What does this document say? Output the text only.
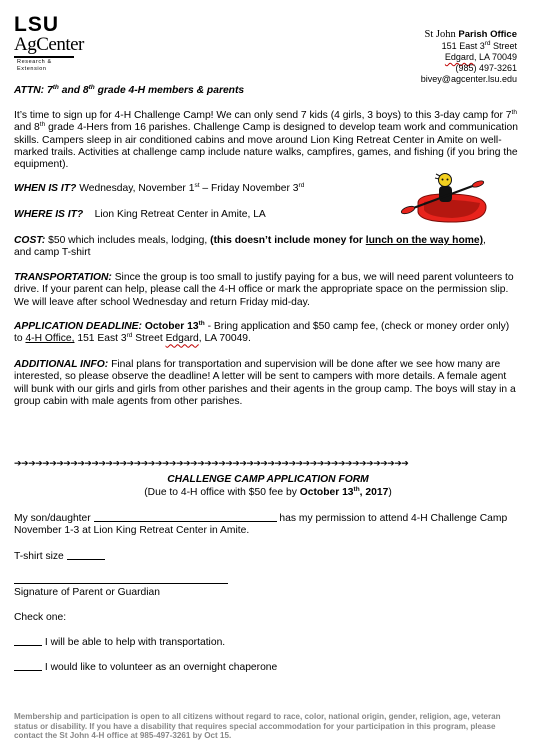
LSU
AgCenter
Research & Extension
St John Parish Office
151 East 3rd Street
Edgard, LA 70049
(985) 497-3261
bivey@agcenter.lsu.edu
ATTN: 7th and 8th grade 4-H members & parents
It’s time to sign up for 4-H Challenge Camp! We can only send 7 kids (4 girls, 3 boys) to this 3-day camp for 7th and 8th grade 4-Hers from 16 parishes. Challenge Camp is designed to develop team work and communication skills. Campers sleep in air conditioned cabins and move around Lion King Retreat Center in Amite on well-marked trails. Activities at challenge camp include nature walks, campfires, games, and fishing (if you bring the equipment).
WHEN IS IT? Wednesday, November 1st – Friday November 3rd
WHERE IS IT?    Lion King Retreat Center in Amite, LA
COST: $50 which includes meals, lodging, (this doesn’t include money for lunch on the way home), and camp T-shirt
TRANSPORTATION: Since the group is too small to justify paying for a bus, we will need parent volunteers to drive. If your parent can help, please call the 4-H office or mark the appropriate space on the permission slip. We will leave after school Wednesday and return Friday mid-day.
APPLICATION DEADLINE: October 13th - Bring application and $50 camp fee, (check or money order only) to 4-H Office, 151 East 3rd Street Edgard, LA 70049.
ADDITIONAL INFO: Final plans for transportation and supervision will be done after we see how many are interested, so please observe the deadline! A letter will be sent to campers with more details. A female agent will bunk with our girls and girls from other parishes and their agents in the group camp. The boys will stay in a group cabin with male agents from other parishes.
➔➔➔➔➔➔➔➔➔➔➔➔➔➔➔➔➔➔➔➔➔➔➔➔➔➔➔➔➔➔➔➔➔➔➔➔➔➔➔➔➔➔➔➔➔➔➔➔➔➔➔➔➔➔➔➔
CHALLENGE CAMP APPLICATION FORM
(Due to 4-H office with $50 fee by October 13th, 2017)
My son/daughter	has my permission to attend 4-H Challenge Camp November 1-3 at Lion King Retreat Center in Amite.
T-shirt size
Signature of Parent or Guardian
Check one:
I will be able to help with transportation.
I would like to volunteer as an overnight chaperone
Membership and participation is open to all citizens without regard to race, color, national origin, gender, religion, age, veteran status or disability. If you have a disability that requires special accommodation for your participation in this program, please contact the St John 4-H office at 985-497-3261 by Oct 15.
